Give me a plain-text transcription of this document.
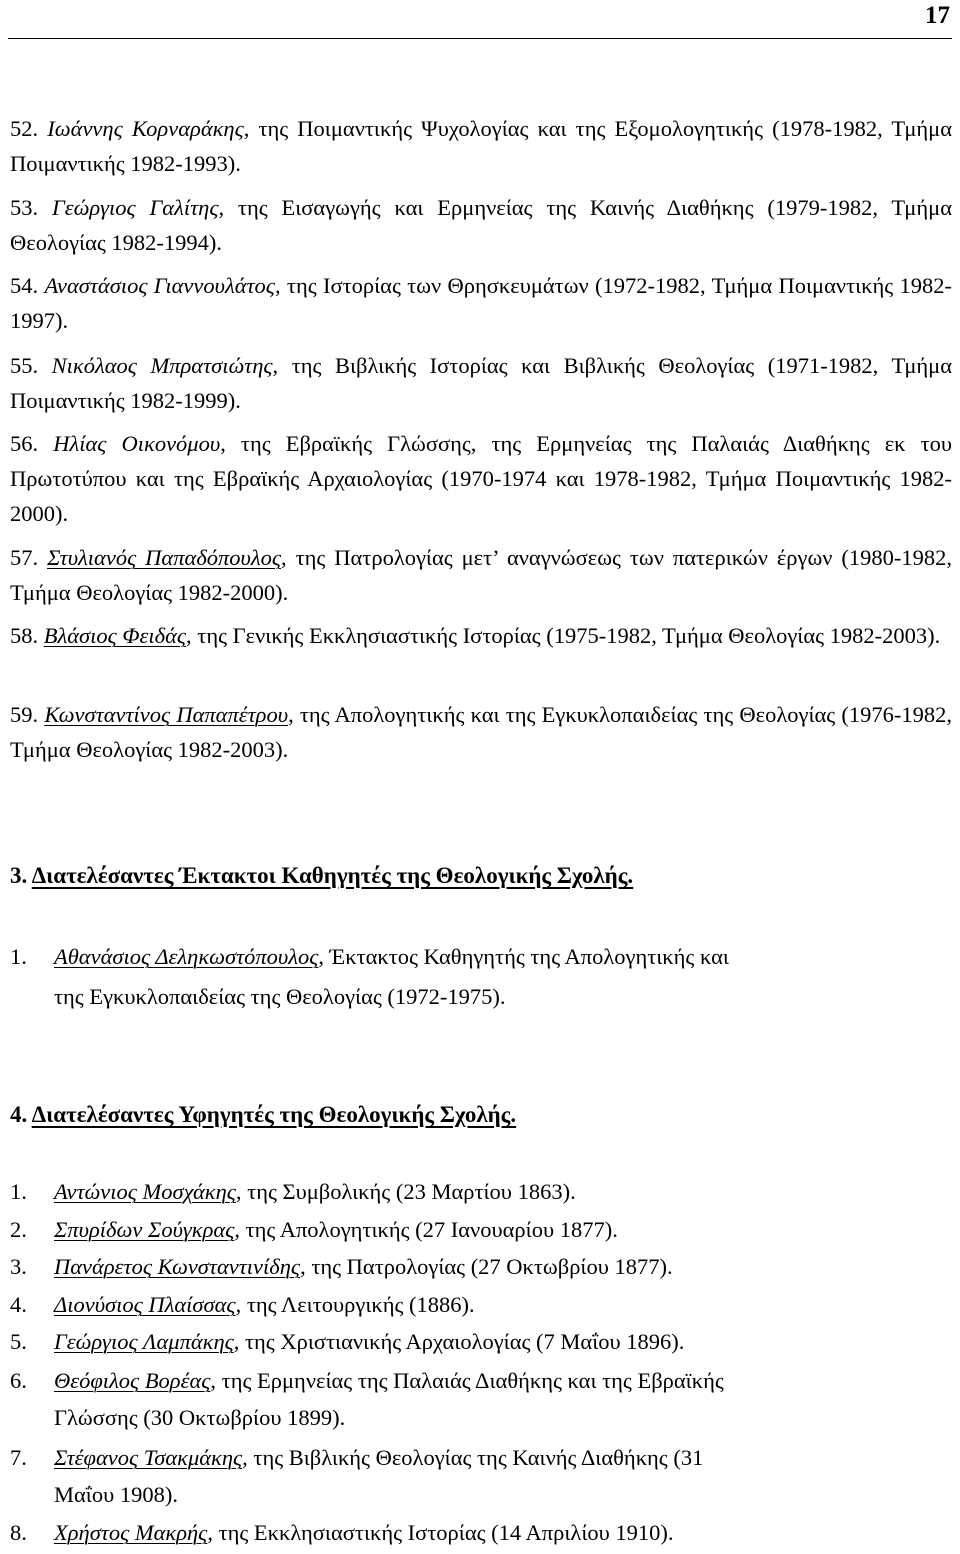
17
52. Ιωάννης Κορναράκης, της Ποιμαντικής Ψυχολογίας και της Εξομολογητικής (1978-1982, Τμήμα Ποιμαντικής 1982-1993).
53. Γεώργιος Γαλίτης, της Εισαγωγής και Ερμηνείας της Καινής Διαθήκης (1979-1982, Τμήμα Θεολογίας 1982-1994).
54. Αναστάσιος Γιαννουλάτος, της Ιστορίας των Θρησκευμάτων (1972-1982, Τμήμα Ποιμαντικής 1982-1997).
55. Νικόλαος Μπρατσιώτης, της Βιβλικής Ιστορίας και Βιβλικής Θεολογίας (1971-1982, Τμήμα Ποιμαντικής 1982-1999).
56. Ηλίας Οικονόμου, της Εβραϊκής Γλώσσης, της Ερμηνείας της Παλαιάς Διαθήκης εκ του Πρωτοτύπου και της Εβραϊκής Αρχαιολογίας (1970-1974 και 1978-1982, Τμήμα Ποιμαντικής 1982-2000).
57. Στυλιανός Παπαδόπουλος, της Πατρολογίας μετ’ αναγνώσεως των πατερικών έργων (1980-1982, Τμήμα Θεολογίας 1982-2000).
58. Βλάσιος Φειδάς, της Γενικής Εκκλησιαστικής Ιστορίας (1975-1982, Τμήμα Θεολογίας 1982-2003).
59. Κωνσταντίνος Παπαπέτρου, της Απολογητικής και της Εγκυκλοπαιδείας της Θεολογίας (1976-1982, Τμήμα Θεολογίας 1982-2003).
3. Διατελέσαντες Έκτακτοι Καθηγητές της Θεολογικής Σχολής.
1. Αθανάσιος Δεληκωστόπουλος, Έκτακτος Καθηγητής της Απολογητικής και
της Εγκυκλοπαιδείας της Θεολογίας (1972-1975).
4. Διατελέσαντες Υφηγητές της Θεολογικής Σχολής.
1. Αντώνιος Μοσχάκης, της Συμβολικής (23 Μαρτίου 1863).
2. Σπυρίδων Σούγκρας, της Απολογητικής (27 Ιανουαρίου 1877).
3. Πανάρετος Κωνσταντινίδης, της Πατρολογίας (27 Οκτωβρίου 1877).
4. Διονύσιος Πλαίσσας, της Λειτουργικής (1886).
5. Γεώργιος Λαμπάκης, της Χριστιανικής Αρχαιολογίας (7 Μαΐου 1896).
6. Θεόφιλος Βορέας, της Ερμηνείας της Παλαιάς Διαθήκης και της Εβραϊκής
Γλώσσης (30 Οκτωβρίου 1899).
7. Στέφανος Τσακμάκης, της Βιβλικής Θεολογίας της Καινής Διαθήκης (31
Μαΐου 1908).
8. Χρήστος Μακρής, της Εκκλησιαστικής Ιστορίας (14 Απριλίου 1910).
